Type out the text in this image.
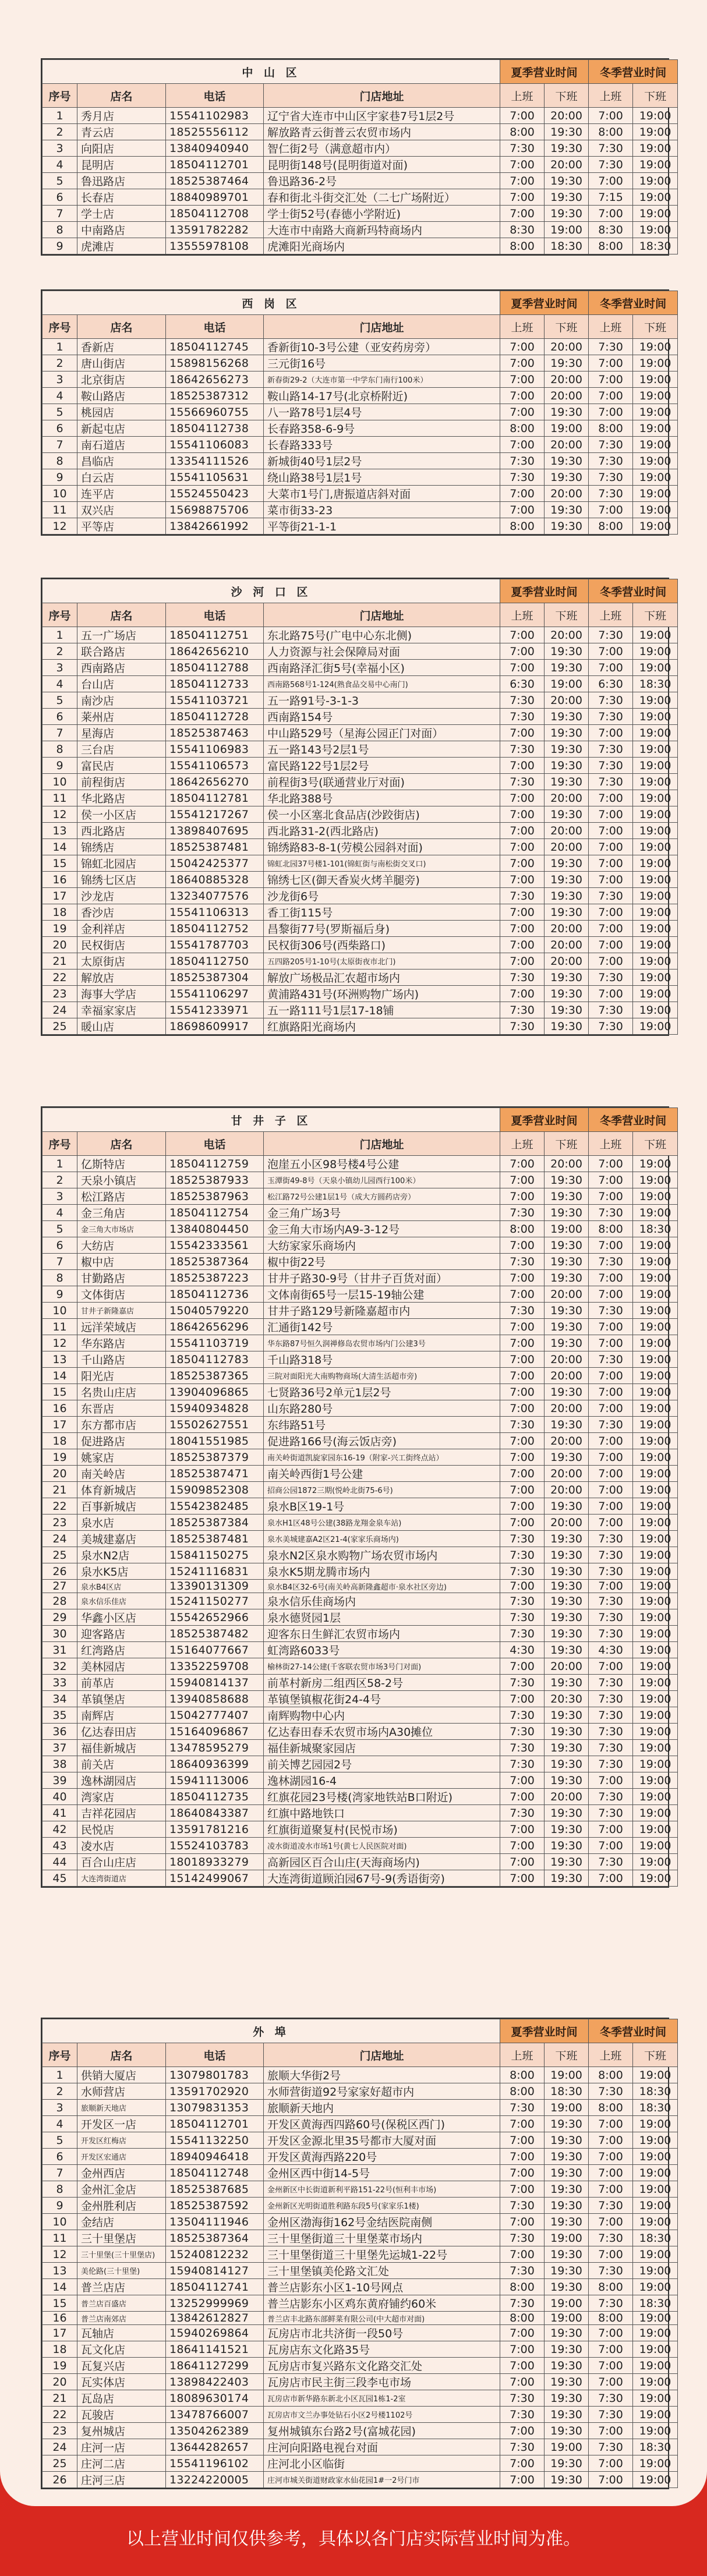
中 山 区				夏季营业时间		冬季营业时间	
序号	店名	电话	门店地址	上班	下班	上班	下班
1	秀月店	15541102983	辽宁省大连市中山区宇家巷7号1层2号	7:00	20:00	7:00	19:00
2	青云店	18525556112	解放路青云街普云农贸市场内	8:00	19:30	8:00	19:00
3	向阳店	13840940940	智仁街2号（满意超市内）	7:30	19:30	7:30	19:00
4	昆明店	18504112701	昆明街148号(昆明街道对面)	7:00	20:00	7:30	19:00
5	鲁迅路店	18525387464	鲁迅路36-2号	7:00	19:30	7:00	19:00
6	长春店	18840989701	春和街北斗街交汇处（二七广场附近）	7:00	19:30	7:15	19:00
7	学士店	18504112708	学士街52号(春德小学附近)	7:00	19:30	7:00	19:00
8	中南路店	13591782282	大连市中南路大商新玛特商场内	8:30	19:00	8:30	19:00
9	虎滩店	13555978108	虎滩阳光商场内	8:00	18:30	8:00	18:30
西 岗 区				夏季营业时间		冬季营业时间	
序号	店名	电话	门店地址	上班	下班	上班	下班
1	香新店	18504112745	香新街10-3号公建（亚安药房旁）	7:00	20:00	7:30	19:00
2	唐山街店	15898156268	三元街16号	7:00	19:30	7:00	19:00
3	北京街店	18642656273	新春街29-2（大连市第一中学东门南行100米）	7:00	20:00	7:00	19:00
4	鞍山路店	18525387312	鞍山路14-17号(北京桥附近)	7:00	20:00	7:00	19:00
5	桃园店	15566960755	八一路78号1层4号	7:00	19:30	7:00	19:00
6	新起屯店	18504112738	长春路358-6-9号	8:00	19:00	8:00	19:00
7	南石道店	15541106083	长春路333号	7:00	20:00	7:30	19:00
8	昌临店	13354111526	新城街40号1层2号	7:30	19:30	7:30	19:00
9	白云店	15541105631	绕山路38号1层1号	7:30	19:30	7:30	19:00
10	连平店	15524550423	大菜市1号门,唐振道店斜对面	7:00	20:00	7:30	19:00
11	双兴店	15698875706	菜市街33-23	7:00	19:30	7:00	19:00
12	平等店	13842661992	平等街21-1-1	8:00	19:30	8:00	19:00
沙 河 口 区				夏季营业时间		冬季营业时间	
序号	店名	电话	门店地址	上班	下班	上班	下班
1	五一广场店	18504112751	东北路75号(广电中心东北侧)	7:00	20:00	7:30	19:00
2	联合路店	18642656210	人力资源与社会保障局对面	7:00	19:30	7:00	19:00
3	西南路店	18504112788	西南路泽汇街5号(幸福小区)	7:00	19:30	7:00	19:00
4	台山店	18504112733	西南路568号1-124(熟食品交易中心南门)	6:30	19:00	6:30	18:30
5	南沙店	15541103721	五一路91号-3-1-3	7:30	20:00	7:30	19:00
6	莱州店	18504112728	西南路154号	7:30	19:30	7:30	19:00
7	星海店	18525387463	中山路529号（星海公园正门对面）	7:00	19:30	7:00	19:00
8	三台店	15541106983	五一路143号2层1号	7:30	19:30	7:30	19:00
9	富民店	15541106573	富民路122号1层2号	7:00	19:30	7:30	19:00
10	前程街店	18642656270	前程街3号(联通营业厅对面)	7:30	19:30	7:30	19:00
11	华北路店	18504112781	华北路388号	7:00	20:00	7:00	19:00
12	侯一小区店	15541217267	侯一小区塞北食品店(沙跤街店)	7:00	19:30	7:00	19:00
13	西北路店	13898407695	西北路31-2(西北路店)	7:00	20:00	7:00	19:00
14	锦绣店	18525387481	锦绣路83-8-1(劳模公园斜对面)	7:00	20:00	7:00	19:00
15	锦虹北园店	15042425377	锦虹北园37号楼1-101(锦虹街与南松街交叉口)	7:00	19:30	7:00	19:00
16	锦绣七区店	18640885328	锦绣七区(御天香炭火烤羊腿旁)	7:00	19:30	7:00	19:00
17	沙龙店	13234077576	沙龙街6号	7:30	19:30	7:30	19:00
18	香沙店	15541106313	香工街115号	7:00	19:30	7:00	19:00
19	金利祥店	18504112752	昌黎街77号(罗斯福后身)	7:00	20:00	7:00	19:00
20	民权街店	15541787703	民权街306号(西柴路口)	7:00	20:00	7:00	19:00
21	太原街店	18504112750	五四路205号1-10号(太原街夜市北门)	7:00	20:00	7:00	19:00
22	解放店	18525387304	解放广场极品汇农超市场内	7:30	19:30	7:30	19:00
23	海事大学店	15541106297	黄浦路431号(环洲购物广场内)	7:00	19:30	7:00	19:00
24	幸福家家店	15541233971	五一路111号1层17-18铺	7:30	19:30	7:30	19:00
25	暖山店	18698609917	红旗路阳光商场内	7:30	19:30	7:30	19:00
甘 井 子 区				夏季营业时间		冬季营业时间	
序号	店名	电话	门店地址	上班	下班	上班	下班
1	亿斯特店	18504112759	泡崖五小区98号楼4号公建	7:00	20:00	7:00	19:00
2	天泉小镇店	18525387933	玉潭街49-8号（天泉小镇幼儿园西行100米）	7:00	19:30	7:00	19:00
3	松江路店	18525387963	松江路72号公建1层1号（成大方圆药店旁）	7:00	19:30	7:00	19:00
4	金三角店	18504112754	金三角广场3号	7:30	19:30	7:30	19:00
5	金三角大市场店	13840804450	金三角大市场内A9-3-12号	8:00	19:00	8:00	18:30
6	大纺店	15542333561	大纺家家乐商场内	7:00	19:30	7:00	19:00
7	椒中店	18525387364	椒中街22号	7:30	19:30	7:30	19:00
8	甘勤路店	18525387223	甘井子路30-9号（甘井子百货对面）	7:00	19:30	7:00	19:00
9	文体街店	18504112736	文体南街65号一层15-19轴公建	7:00	20:00	7:00	19:00
10	甘井子新隆嘉店	15040579220	甘井子路129号新隆嘉超市内	7:30	19:30	7:30	19:00
11	远洋荣域店	18642656296	汇通街142号	7:00	19:30	7:00	19:00
12	华东路店	15541103719	华东路87号恒久润禅修岛农贸市场内门公建3号	7:00	19:30	7:00	19:00
13	千山路店	18504112783	千山路318号	7:00	20:00	7:30	19:00
14	阳光店	18525387365	三院对面阳光大南购物商场(大清生活超市旁)	7:00	20:00	7:00	19:00
15	名贵山庄店	13904096865	七贤路36号2单元1层2号	7:00	19:30	7:00	19:00
16	东晋店	15940934828	山东路280号	7:00	20:00	7:00	19:00
17	东方都市店	15502627551	东纬路51号	7:30	19:30	7:30	19:00
18	促进路店	18041551985	促进路166号(海云饭店旁)	7:00	20:00	7:00	19:00
19	姚家店	18525387379	南关岭街道凯旋家园东16-19（附家-兴工街终点站）	7:00	19:30	7:00	19:00
20	南关岭店	18525387471	南关岭西街1号公建	7:00	20:00	7:00	19:00
21	体育新城店	15909852308	招商公园1872三期(悦岭北街75-6号)	7:00	20:00	7:00	19:00
22	百事新城店	15542382485	泉水B区19-1号	7:00	19:30	7:00	19:00
23	泉水店	18525387384	泉水H1区48号公建(38路龙翔金泉车站)	7:00	20:00	7:00	19:00
24	美城建嘉店	18525387481	泉水美城建嘉A2区21-4(家家乐商场内)	7:30	19:30	7:30	19:00
25	泉水N2店	15841150275	泉水N2区泉水购物广场农贸市场内	7:30	19:30	7:30	19:00
26	泉水K5店	15241116831	泉水K5期龙腾市场内	7:30	19:30	7:30	19:00
27	泉水B4区店	13390131309	泉水B4区32-6号(南关岭高新隆鑫超市·泉水社区旁边)	7:00	19:30	7:00	19:00
28	泉水信乐佳店	15241150277	泉水信乐佳商场内	7:30	19:30	7:30	19:00
29	华鑫小区店	15542652966	泉水德贤园1层	7:30	19:30	7:30	19:00
30	迎客路店	18525387482	迎客东日生鲜汇农贸市场内	7:30	19:30	7:30	19:00
31	红湾路店	15164077667	虹湾路6033号	4:30	19:30	4:30	19:00
32	美林园店	13352259708	榆林街27-14公建(千客联农贸市场3号门对面)	7:00	20:00	7:00	19:00
33	前革店	15940814137	前革村新房二组西区58-2号	7:30	19:30	7:30	19:00
34	革镇堡店	13940858688	革镇堡镇椒花街24-4号	7:00	20:30	7:30	19:00
35	南辉店	15042777407	南辉购物中心内	7:30	19:30	7:30	19:00
36	亿达春田店	15164096867	亿达春田春禾农贸市场内A30摊位	7:30	19:30	7:30	19:00
37	福佳新城店	13478595279	福佳新城聚家园店	7:30	19:30	7:30	19:00
38	前关店	18640936399	前关博艺园园2号	7:30	19:30	7:30	19:00
39	逸林湖园店	15941113006	逸林湖园16-4	7:00	19:30	7:00	19:00
40	湾家店	18504112735	红旗花园23号楼(湾家地铁站B口附近)	7:00	20:00	7:30	19:00
41	吉祥花园店	18640843387	红旗中路地铁口	7:30	19:30	7:30	19:00
42	民悦店	13591781216	红旗街道聚复村(民悦市场)	7:00	19:30	7:00	19:00
43	凌水店	15524103783	凌水街道凌水市场1号(黄七人民医院对面)	7:00	19:30	7:00	19:00
44	百合山庄店	18018933279	高新园区百合山庄(天海商场内)	7:00	19:30	7:30	19:00
45	大连湾街道店	15142499067	大连湾街道顾泊园67号-9(秀语街旁)	7:00	19:30	7:00	19:00
外 埠				夏季营业时间		冬季营业时间	
序号	店名	电话	门店地址	上班	下班	上班	下班
1	供销大厦店	13079801783	旅顺大华街2号	8:00	19:00	8:00	19:00
2	水师营店	13591702920	水师营街道92号家家好超市内	8:00	18:30	7:30	18:30
3	旅顺新天地店	13079831353	旅顺新天地内	7:30	19:00	8:00	18:30
4	开发区一店	18504112701	开发区黄海西四路60号(保税区西门)	7:00	19:30	7:00	19:00
5	开发区红梅店	15541132250	开发区金源北里35号都市大厦对面	7:00	19:30	7:00	19:00
6	开发区宏通店	18940946418	开发区黄海西路220号	7:00	19:30	7:00	19:00
7	金州西店	18504112748	金州区西中街14-5号	7:00	19:30	7:00	19:00
8	金州汇金店	18525387685	金州新区中长街道新利平路151-22号(恒利丰市场)	7:00	19:30	7:00	19:00
9	金州胜利店	18525387592	金州新区光明街道胜利路东段5号(家家乐1楼)	7:30	19:30	7:30	19:00
10	金结店	13504111946	金州区渤海街162号金结医院南侧	7:00	19:30	7:00	19:00
11	三十里堡店	18525387364	三十里堡街道三十里堡菜市场内	7:30	19:00	7:30	18:30
12	三十里堡(三十里堡店)	15240812232	三十里堡街道三十里堡先运城1-22号	7:00	19:30	7:00	19:00
13	美伦路(三十里堡)	15940814127	三十里堡镇美伦路文汇处	7:30	19:30	7:30	19:00
14	普兰店店	18504112741	普兰店影东小区1-10号网点	8:00	19:30	8:00	19:00
15	普兰店百盛店	13252999969	普兰店影东小区鸡东黄府铺约60米	7:30	19:00	7:30	18:30
16	普兰店南郊店	13842612827	普兰店丰北路东部鲜菜有限公司(中大超市对面)	8:00	19:00	8:00	19:00
17	瓦轴店	15940269864	瓦房店市北共济街一段50号	7:00	19:30	7:00	19:00
18	瓦文化店	18641141521	瓦房店东文化路35号	7:00	19:30	7:00	19:00
19	瓦复兴店	18641127299	瓦房店市复兴路东文化路交汇处	7:00	19:30	7:00	19:00
20	瓦实体店	13898422403	瓦房店市民主街三段李屯市场	7:00	19:30	7:00	19:00
21	瓦岛店	18089630174	瓦房店市新华路东新北小区瓦园1栋1-2室	7:30	19:30	7:30	19:00
22	瓦骏店	13478766007	瓦房店市文兰办事处钻石小区2号楼1102号	7:30	19:30	7:30	19:00
23	复州城店	13504262389	复州城镇东台路2号(富城花园)	7:00	19:30	7:00	19:00
24	庄河一店	13644282657	庄河向阳路电视台对面	7:30	19:00	7:30	18:30
25	庄河二店	15541196102	庄河北小区临街	7:00	19:30	7:00	19:00
26	庄河三店	13224220005	庄河市城关街道财政家水仙花园1#一2号门市	7:00	19:30	7:00	19:00
以上营业时间仅供参考，具体以各门店实际营业时间为准。
